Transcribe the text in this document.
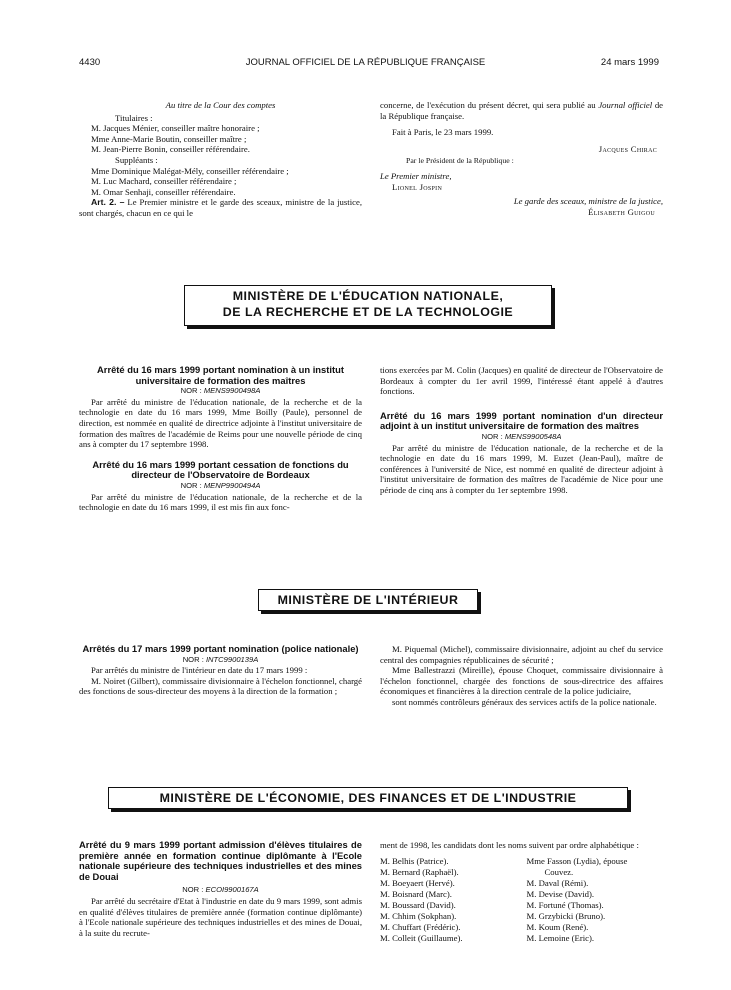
4430	JOURNAL OFFICIEL DE LA RÉPUBLIQUE FRANÇAISE	24 mars 1999
Au titre de la Cour des comptes
Titulaires :
M. Jacques Ménier, conseiller maître honoraire ;
Mme Anne-Marie Boutin, conseiller maître ;
M. Jean-Pierre Bonin, conseiller référendaire.
Suppléants :
Mme Dominique Malégat-Mély, conseiller référendaire ;
M. Luc Machard, conseiller référendaire ;
M. Omar Senhaji, conseiller référendaire.

Art. 2. – Le Premier ministre et le garde des sceaux, ministre de la justice, sont chargés, chacun en ce qui le

concerne, de l'exécution du présent décret, qui sera publié au Journal officiel de la République française.

Fait à Paris, le 23 mars 1999.
Jacques Chirac
Par le Président de la République :
Le Premier ministre,
Lionel Jospin
Le garde des sceaux, ministre de la justice,
Élisabeth Guigou
MINISTÈRE DE L'ÉDUCATION NATIONALE,
DE LA RECHERCHE ET DE LA TECHNOLOGIE
Arrêté du 16 mars 1999 portant nomination à un institut universitaire de formation des maîtres
NOR : MENS9900498A

Par arrêté du ministre de l'éducation nationale, de la recherche et de la technologie en date du 16 mars 1999, Mme Boilly (Paule), personnel de direction, est nommée en qualité de directrice adjointe à l'institut universitaire de formation des maîtres de l'académie de Reims pour une nouvelle période de cinq ans à compter du 17 septembre 1998.

Arrêté du 16 mars 1999 portant cessation de fonctions du directeur de l'Observatoire de Bordeaux
NOR : MENP9900494A

Par arrêté du ministre de l'éducation nationale, de la recherche et de la technologie en date du 16 mars 1999, il est mis fin aux fonc-

tions exercées par M. Colin (Jacques) en qualité de directeur de l'Observatoire de Bordeaux à compter du 1er avril 1999, l'intéressé étant appelé à d'autres fonctions.

Arrêté du 16 mars 1999 portant nomination d'un directeur adjoint à un institut universitaire de formation des maîtres
NOR : MENS9900548A

Par arrêté du ministre de l'éducation nationale, de la recherche et de la technologie en date du 16 mars 1999, M. Euzet (Jean-Paul), maître de conférences à l'université de Nice, est nommé en qualité de directeur adjoint à l'institut universitaire de formation des maîtres de l'académie de Nice pour une période de cinq ans à compter du 1er septembre 1998.

MINISTÈRE DE L'INTÉRIEUR
Arrêtés du 17 mars 1999 portant nomination (police nationale)
NOR : INTC9900139A

Par arrêtés du ministre de l'intérieur en date du 17 mars 1999 :

M. Noiret (Gilbert), commissaire divisionnaire à l'échelon fonctionnel, chargé des fonctions de sous-directeur des moyens à la direction de la formation ;

M. Piquemal (Michel), commissaire divisionnaire, adjoint au chef du service central des compagnies républicaines de sécurité ;

Mme Ballestrazzi (Mireille), épouse Choquet, commissaire divisionnaire à l'échelon fonctionnel, chargée des fonctions de sous-directrice des affaires économiques et financières à la direction centrale de la police judiciaire,

sont nommés contrôleurs généraux des services actifs de la police nationale.

MINISTÈRE DE L'ÉCONOMIE, DES FINANCES ET DE L'INDUSTRIE
Arrêté du 9 mars 1999 portant admission d'élèves titulaires de première année en formation continue diplômante à l'Ecole nationale supérieure des techniques industrielles et des mines de Douai
NOR : ECOI9900167A

Par arrêté du secrétaire d'Etat à l'industrie en date du 9 mars 1999, sont admis en qualité d'élèves titulaires de première année (formation continue diplômante) à l'Ecole nationale supérieure des techniques industrielles et des mines de Douai, à la suite du recrute-

ment de 1998, les candidats dont les noms suivent par ordre alphabétique :

M. Belhis (Patrice).
M. Bernard (Raphaël).
M. Boeyaert (Hervé).
M. Boisnard (Marc).
M. Boussard (David).
M. Chhim (Sokphan).
M. Chuffart (Frédéric).
M. Colleit (Guillaume).
Mme Fasson (Lydia), épouse Couvez.
M. Daval (Rémi).
M. Devise (David).
M. Fortuné (Thomas).
M. Grzybicki (Bruno).
M. Koum (René).
M. Lemoine (Eric).
